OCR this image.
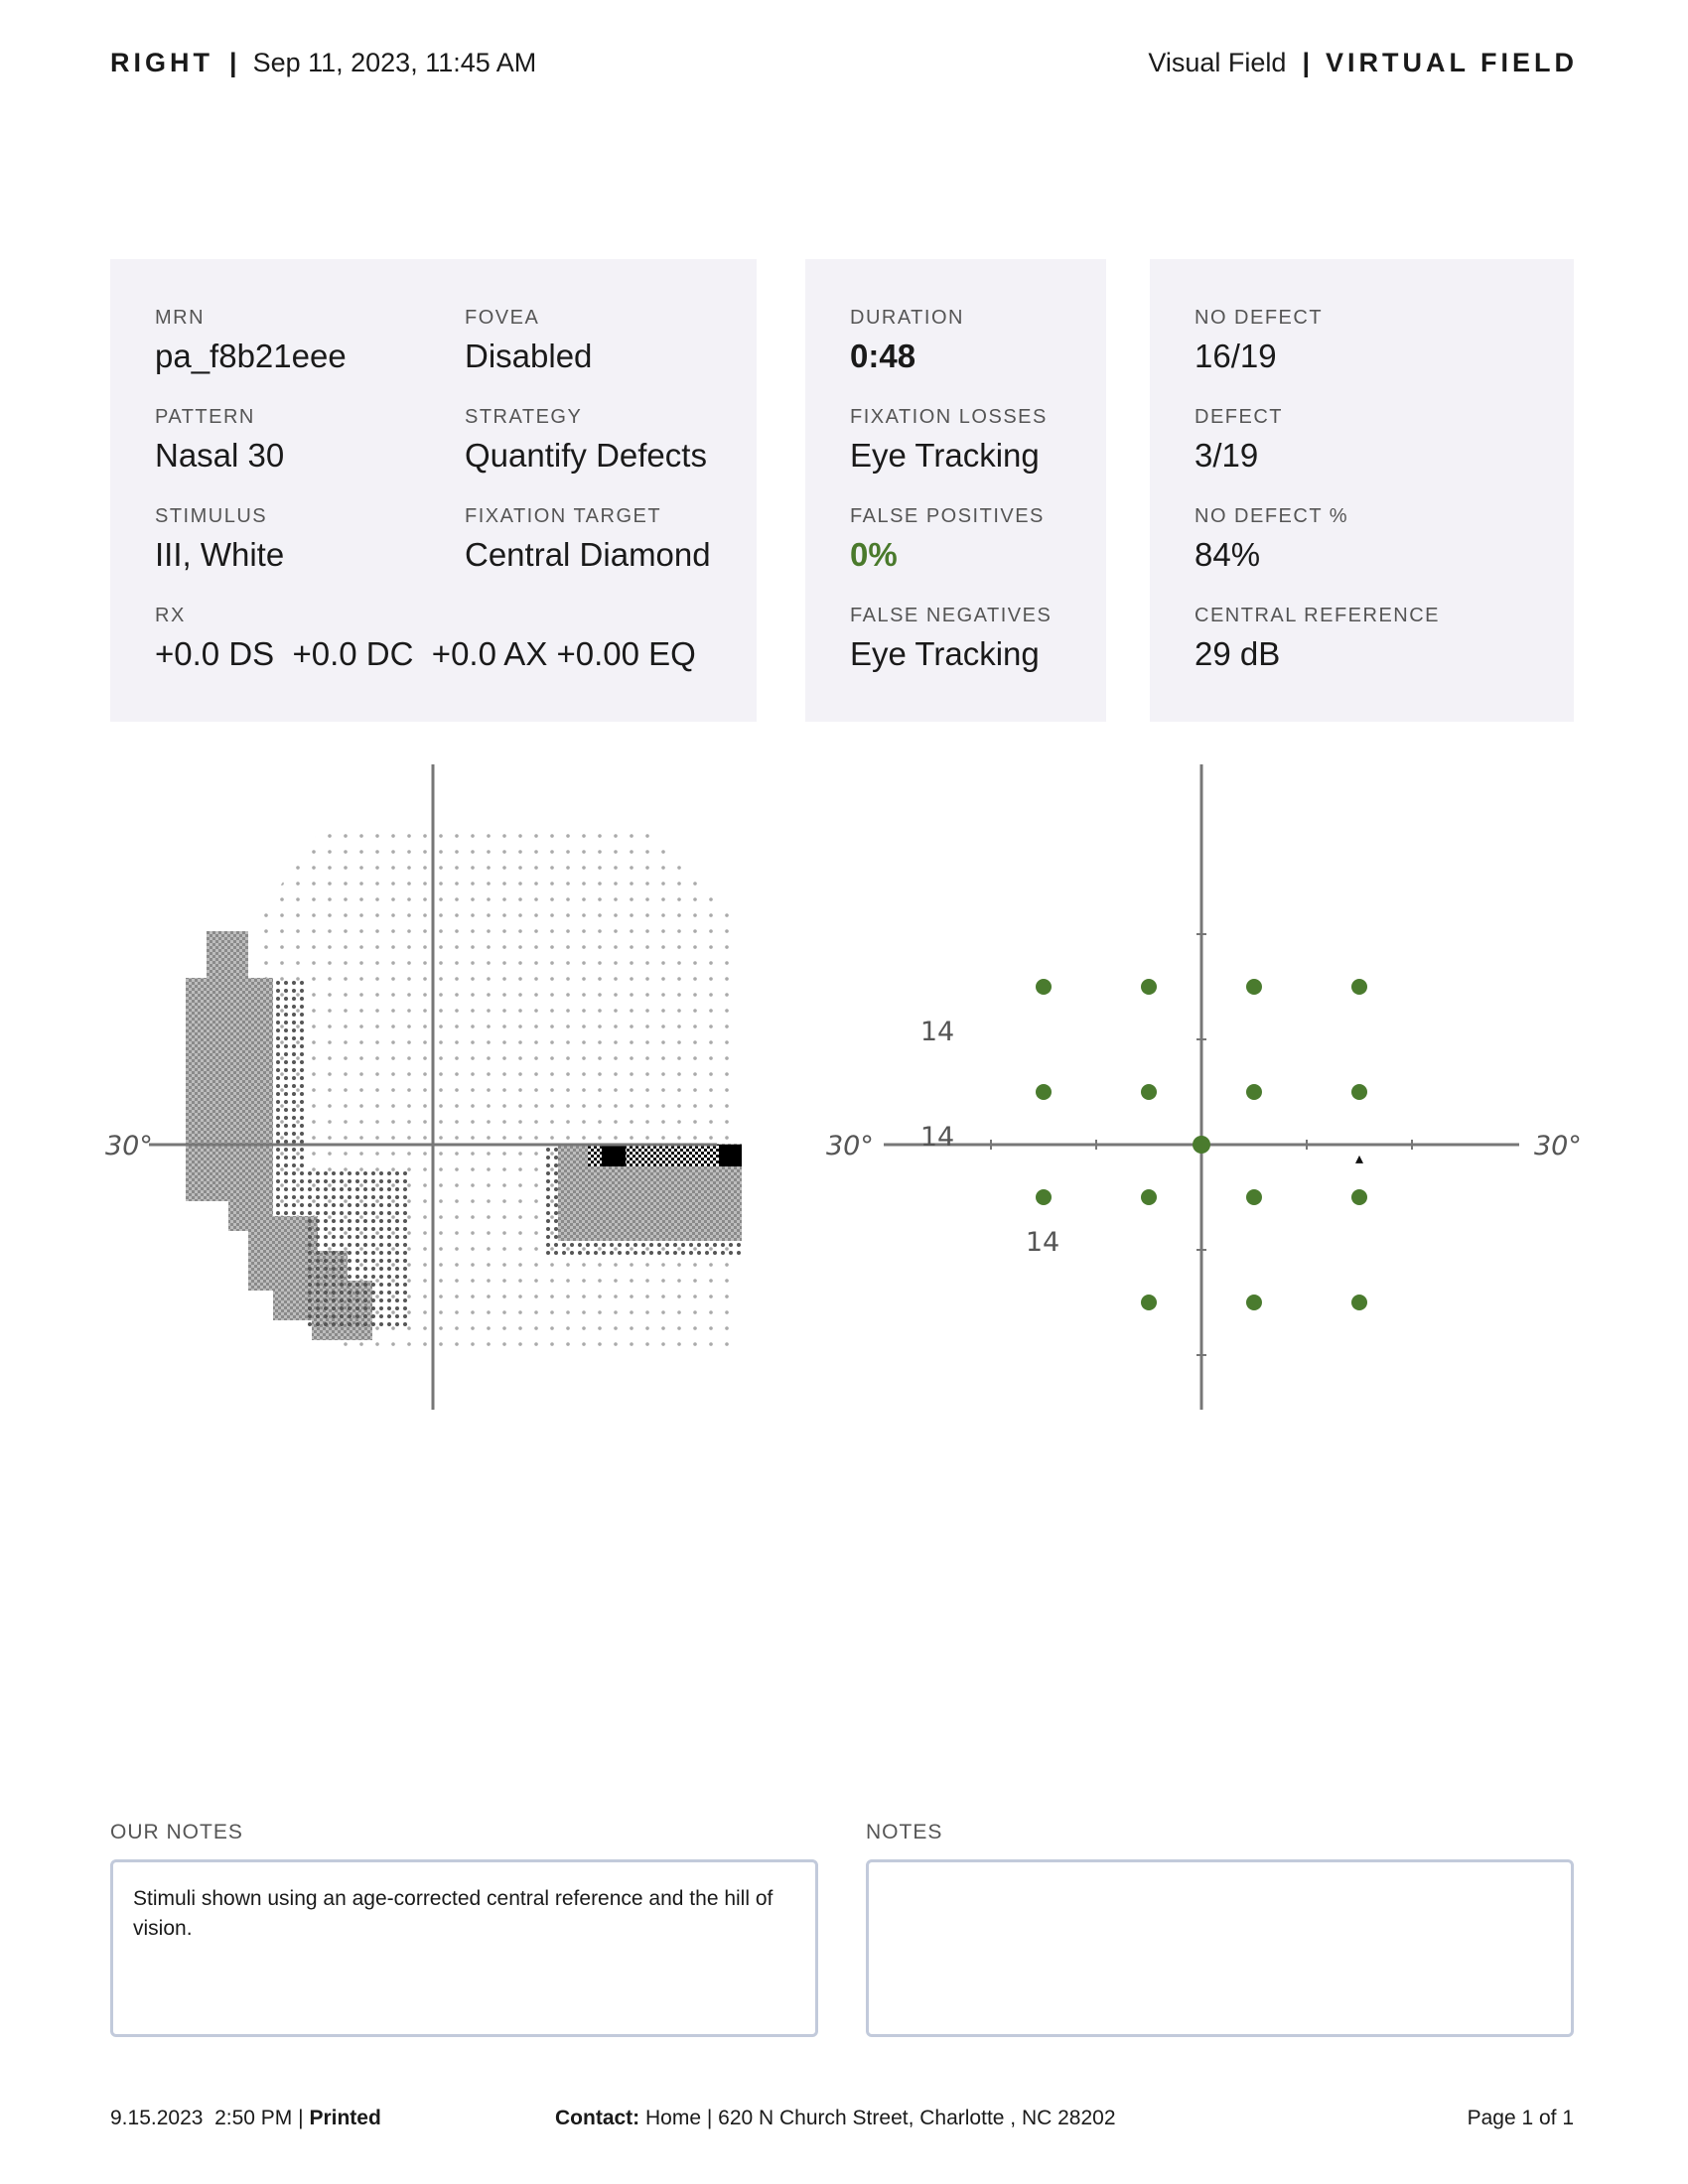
RIGHT | Sep 11, 2023, 11:45 AM	Visual Field | VIRTUAL FIELD
MRN
pa_f8b21eee
FOVEA
Disabled
PATTERN
Nasal 30
STRATEGY
Quantify Defects
STIMULUS
III, White
FIXATION TARGET
Central Diamond
RX
+0.0 DS  +0.0 DC  +0.0 AX +0.00 EQ
DURATION
0:48
FIXATION LOSSES
Eye Tracking
FALSE POSITIVES
0%
FALSE NEGATIVES
Eye Tracking
NO DEFECT
16/19
DEFECT
3/19
NO DEFECT %
84%
CENTRAL REFERENCE
29 dB
30°	30°	30°
14
14
14
OUR NOTES
Stimuli shown using an age-corrected central reference and the hill of vision.
NOTES
9.15.2023  2:50 PM | Printed	Contact: Home | 620 N Church Street, Charlotte , NC 28202	Page 1 of 1
